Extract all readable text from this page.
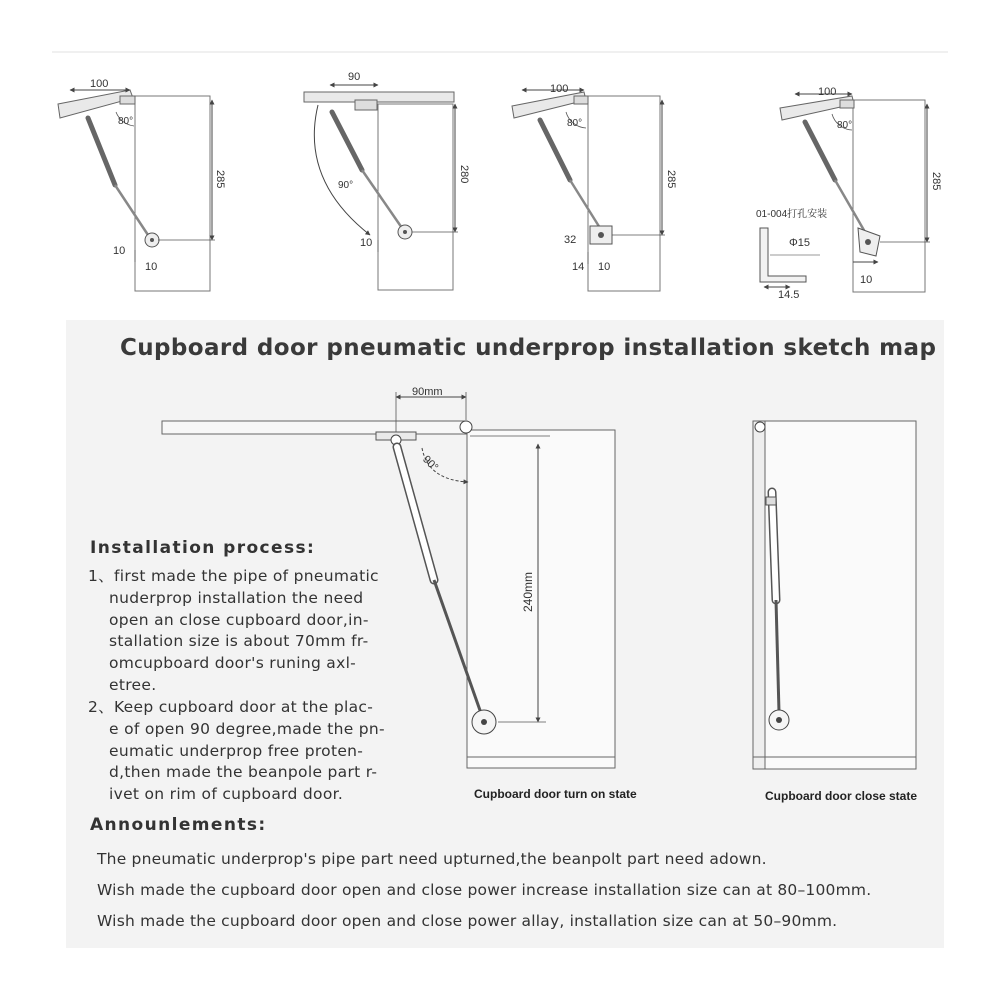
100
80°
285
10
10
90
90°
280
10
100
80°
285
32
14 10
01-004打孔安装
Φ15
100
80°
285
14.5
10
90mm
90°
240mm
Cupboard door pneumatic underprop installation sketch map
Installation process:
1、first made the pipe of pneumatic
nuderprop installation the need
open an close cupboard door,in-
stallation size is about 70mm fr-
omcupboard door's runing axl-
etree.
2、Keep cupboard door at the plac-
e of open 90 degree,made the pn-
eumatic underprop free proten-
d,then made the beanpole part r-
ivet on rim of cupboard door.	Cupboard door turn on state	Cupboard door close state
Announlements:
The pneumatic underprop's pipe part need upturned,the beanpolt part need adown.
Wish made the cupboard door open and close power increase installation size can at 80–100mm.
Wish made the cupboard door open and close power allay, installation size can at 50–90mm.
